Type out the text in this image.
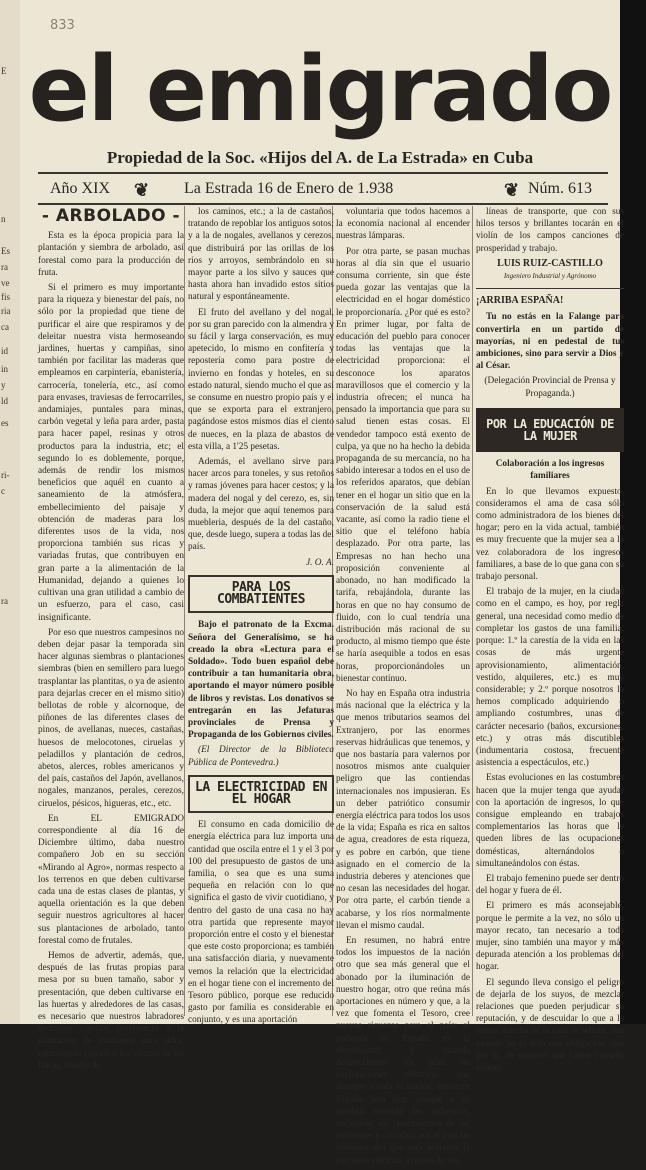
E
n
Es
ra
ve
fis
ria
ca
id
in
y
ld
es
ri-
c
ra
833
el emigrado
Propiedad de la Soc. «Hijos del A. de La Estrada» en Cuba
Año XIX ❦ La Estrada 16 de Enero de 1.938	❦ Núm. 613
- ARBOLADO -

Esta es la época propicia para la plantación y siembra de arbolado, así forestal como para la producción de fruta.

Si el primero es muy importante para la riqueza y bienestar del país, no sólo por la propiedad que tiene de purificar el aire que respiramos y de deleitar nuestra vista hermoseando jardines, huertas y campiñas, sino también por facilitar las maderas que empleamos en carpintería, ebanistería, carrocería, tonelería, etc., así como para envases, traviesas de ferrocarriles, andamiajes, puntales para minas, carbón vegetal y leña para arder, pasta para hacer papel, resinas y otros productos para la industria, etc; el segundo lo es doblemente, porque, además de rendir los mismos beneficios que aquél en cuanto a saneamiento de la atmósfera, embellecimiento del paisaje y obtención de maderas para los diferentes usos de la vida, nos proporciona también sus ricas y variadas frutas, que contribuyen en gran parte a la alimentación de la Humanidad, dejando a quienes lo cultivan una gran utilidad a cambio de un esfuerzo, para el caso, casi insignificante.

Por eso que nuestros campesinos no deben dejar pasar la temporada sin hacer algunas siembras o plantaciones siembras (bien en semillero para luego trasplantar las plantitas, o ya de asiento para dejarlas crecer en el mismo sitio) bellotas de roble y alcornoque, de piñones de las diferentes clases de pinos, de avellanas, nueces, castañas, huesos de melocotones, ciruelas y peladillos y plantación de cedros, abetos, alerces, robles americanos y del país, castaños del Japón, avellanos, nogales, manzanos, perales, cerezos, ciruelos, pésicos, higueras, etc., etc.

En EL EMIGRADO correspondiente al día 16 de Diciembre último, daba nuestro compañero Job en su sección «Mirando al Agro», normas respecto a los terrenos en que deben cultivarse cada una de estas clases de plantas, y aquella orientación es la que deben seguir nuestros agricultores al hacer sus plantaciones de arbolado, tanto forestal como de frutales.

Hemos de advertir, además, que, después de las frutas propias para mesa por su buen tamaño, sabor y presentación, que deben cultivarse en las huertas y alrededores de las casas, es necesario que nuestros labradores dediquen especial preferencia a la plantación de manzanos para sidra, roturbiendo con ellos los ribazos de las fincas, bordes de

los caminos, etc.; a la de castaños, tratando de repoblar los antiguos sotos; y a la de nogales, avellanos y cerezos, que distribuirá por las orillas de los ríos y arroyos, sembrándolo en su mayor parte a los silvo y sauces que hasta ahora han invadido estos sitios natural y espontáneamente.

El fruto del avellano y del nogal, por su gran parecido con la almendra y su fácil y larga conservación, es muy apetecido, lo mismo en confitería y repostería como para postre de invierno en fondas y hoteles, en su estado natural, siendo mucho el que así se consume en nuestro propio país y el que se exporta para el extranjero, pagándose estos mismos días el ciento de nueces, en la plaza de abastos de esta villa, a 1'25 pesetas.

Además, el avellano sirve para hacer arcos para toneles, y sus retoños y ramas jóvenes para hacer cestos; y la madera del nogal y del cerezo, es, sin duda, la mejor que aquí tenemos para muebleria, después de la del castaño, que, desde luego, supera a todas las del país.

J. O. A.
PARA LOS COMBATIENTES

Bajo el patronato de la Excma. Señora del Generalísimo, se ha creado la obra «Lectura para el Soldado». Todo buen español debe contribuir a tan humanitaria obra, aportando el mayor número posible de libros y revistas. Los donativos se entregarán en las Jefaturas provinciales de Prensa y Propaganda de los Gobiernos civiles.

(El Director de la Biblioteca Pública de Pontevedra.)

LA ELECTRICIDAD EN EL HOGAR

El consumo en cada domicilio de energía eléctrica para luz importa una cantidad que oscila entre el 1 y el 3 por 100 del presupuesto de gastos de una familia, o sea que es una suma pequeña en relación con lo que significa el gasto de vivir cuotidiano, y dentro del gasto de una casa no hay otra partida que represente mayor proporción entre el costo y el bienestar que este costo proporciona; es también una satisfacción diaria, y nuevamente vemos la relación que la electricidad en el hogar tiene con el incremento del Tesoro público, porque ese reducido gasto por familia es considerable en conjunto, y es una aportación

voluntaria que todos hacemos a la economía nacional al encender nuestras lámparas.

Por otra parte, se pasan muchas horas al día sin que el usuario consuma corriente, sin que éste pueda gozar las ventajas que la electricidad en el hogar doméstico le proporcionaría. ¿Por qué es esto? En primer lugar, por falta de educación del pueblo para conocer todas las ventajas que la electricidad proporciona: el desconoce los aparatos maravillosos que el comercio y la industria ofrecen; el nunca ha pensado la importancia que para su salud tienen estas cosas. El vendedor tampoco está exento de culpa, ya que no ha hecho la debida propaganda de su mercancía, no ha sabido interesar a todos en el uso de los referidos aparatos, que debían tener en el hogar un sitio que en la conservación de la salud está vacante, así como la radio tiene el sitio que el teléfono había desplazado. Por otra parte, las Empresas no han hecho una proposición conveniente al abonado, no han modificado la tarifa, rebajándola, durante las horas en que no hay consumo de fluido, con lo cual tendría una distribución más racional de su producto, al mismo tiempo que éste se haría asequible a todos en esas horas, proporcionándoles un bienestar contínuo.

No hay en España otra industria más nacional que la eléctrica y la que menos tributarios seamos del Extranjero, por las enormes reservas hidráulicas que tenemos, y que nos bastaría para valernos por nosotros mismos ante cualquier peligro que las contiendas internacionales nos impusieran. Es un deber patriótico consumir energía eléctrica para todos los usos de la vida; España es rica en saltos de agua, creadores de esta riqueza, y es pobre en carbón, que tiene asignado en el comercio de la industria deberes y atenciones que no cesan las necesidades del hogar. Por otra parte, el carbón tiende a acabarse, y los ríos normalmente llevan el mismo caudal.

En resumen, no habrá entre todos los impuestos de la nación otro que sea más general que el abonado por la iluminación de nuestro hogar, otro que reúna más aportaciones en número y que, a la vez que fomenta el Tesoro, cree nuevas riquezas para el país; el porvenir de España es la electricidad, y cuando desarrollemos un plan de explotaciones eléctricas que abarque a toda la nación, entonces España será rica, porque a su sombra crecerán las industrias, mejorarán los rendimientos de las existentes y circulará por el país un bienestar del que será portador la corriente eléctrica a través de sus

líneas de transporte, que con sus hilos tersos y brillantes tocarán en el violín de los campos canciones de prosperidad y trabajo.

LUIS RUIZ-CASTILLO
Ingeniero Industrial y Agrónomo
¡ARRIBA ESPAÑA!

Tu no estás en la Falange para convertirla en un partido de mayorías, ni en pedestal de tus ambiciones, sino para servir a Dios y al César.

(Delegación Provincial de Prensa y Propaganda.)

POR LA EDUCACIÓN DE LA MUJER
Colaboración a los ingresos familiares

En lo que llevamos expuesto, consideramos el ama de casa sólo como administradora de los bienes del hogar; pero en la vida actual, también es muy frecuente que la mujer sea a la vez colaboradora de los ingresos familiares, a base de lo que gana con su trabajo personal.

El trabajo de la mujer, en la ciudad como en el campo, es hoy, por regla general, una necesidad como medio de completar los gastos de una familia, porque: 1.º la carestía de la vida en las cosas de más urgente aprovisionamiento, alimentación, vestido, alquileres, etc.) es muy considerable; y 2.º porque nosotros la hemos complicado adquiriendo o ampliando costumbres, unas de carácter necesario (baños, excursiones, etc.) y otras más discutibles (indumentaria costosa, frecuente asistencia a espectáculos, etc.)

Estas evoluciones en las costumbres hacen que la mujer tenga que ayudar con la aportación de ingresos, lo que consigue empleando en trabajos complementarios las horas que le queden libres de las ocupaciones domésticas, alternándolos o simultaneándolos con éstas.

El trabajo femenino puede ser dentro del hogar y fuera de él.

El primero es más aconsejable, porque le permite a la vez, no sólo un mayor recato, tan necesario a toda mujer, sino también una mayor y más depurada atención a los problemas del hogar.

El segundo lleva consigo el peligro de dejarla de los suyos, de mezclar relaciones que pueden perjudicar su reputación, y de descuidar lo que a la buena marcha de la casa se refiere, aun cuando no es ésto una obligación sino por sí, de mujeres que saben cumplir conjun-
